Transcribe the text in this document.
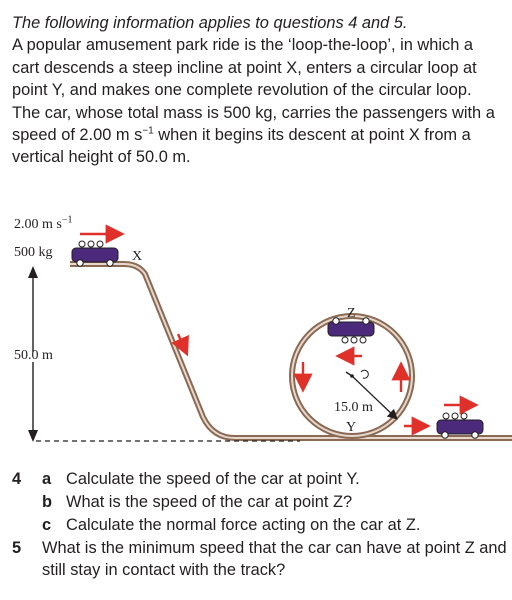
The following information applies to questions 4 and 5.
A popular amusement park ride is the ‘loop-the-loop’, in which a cart descends a steep incline at point X, enters a circular loop at point Y, and makes one complete revolution of the circular loop. The car, whose total mass is 500 kg, carries the passengers with a speed of 2.00 m $s^{-1}$ when it begins its descent at point X from a vertical height of 50.0 m.
2.00 m $s^{-1}$
500 kg	X
50.0 m
Z
15.0 m
Y
4 a Calculate the speed of the car at point Y.
b What is the speed of the car at point Z?
c Calculate the normal force acting on the car at Z.
5 What is the minimum speed that the car can have at point Z and still stay in contact with the track?
